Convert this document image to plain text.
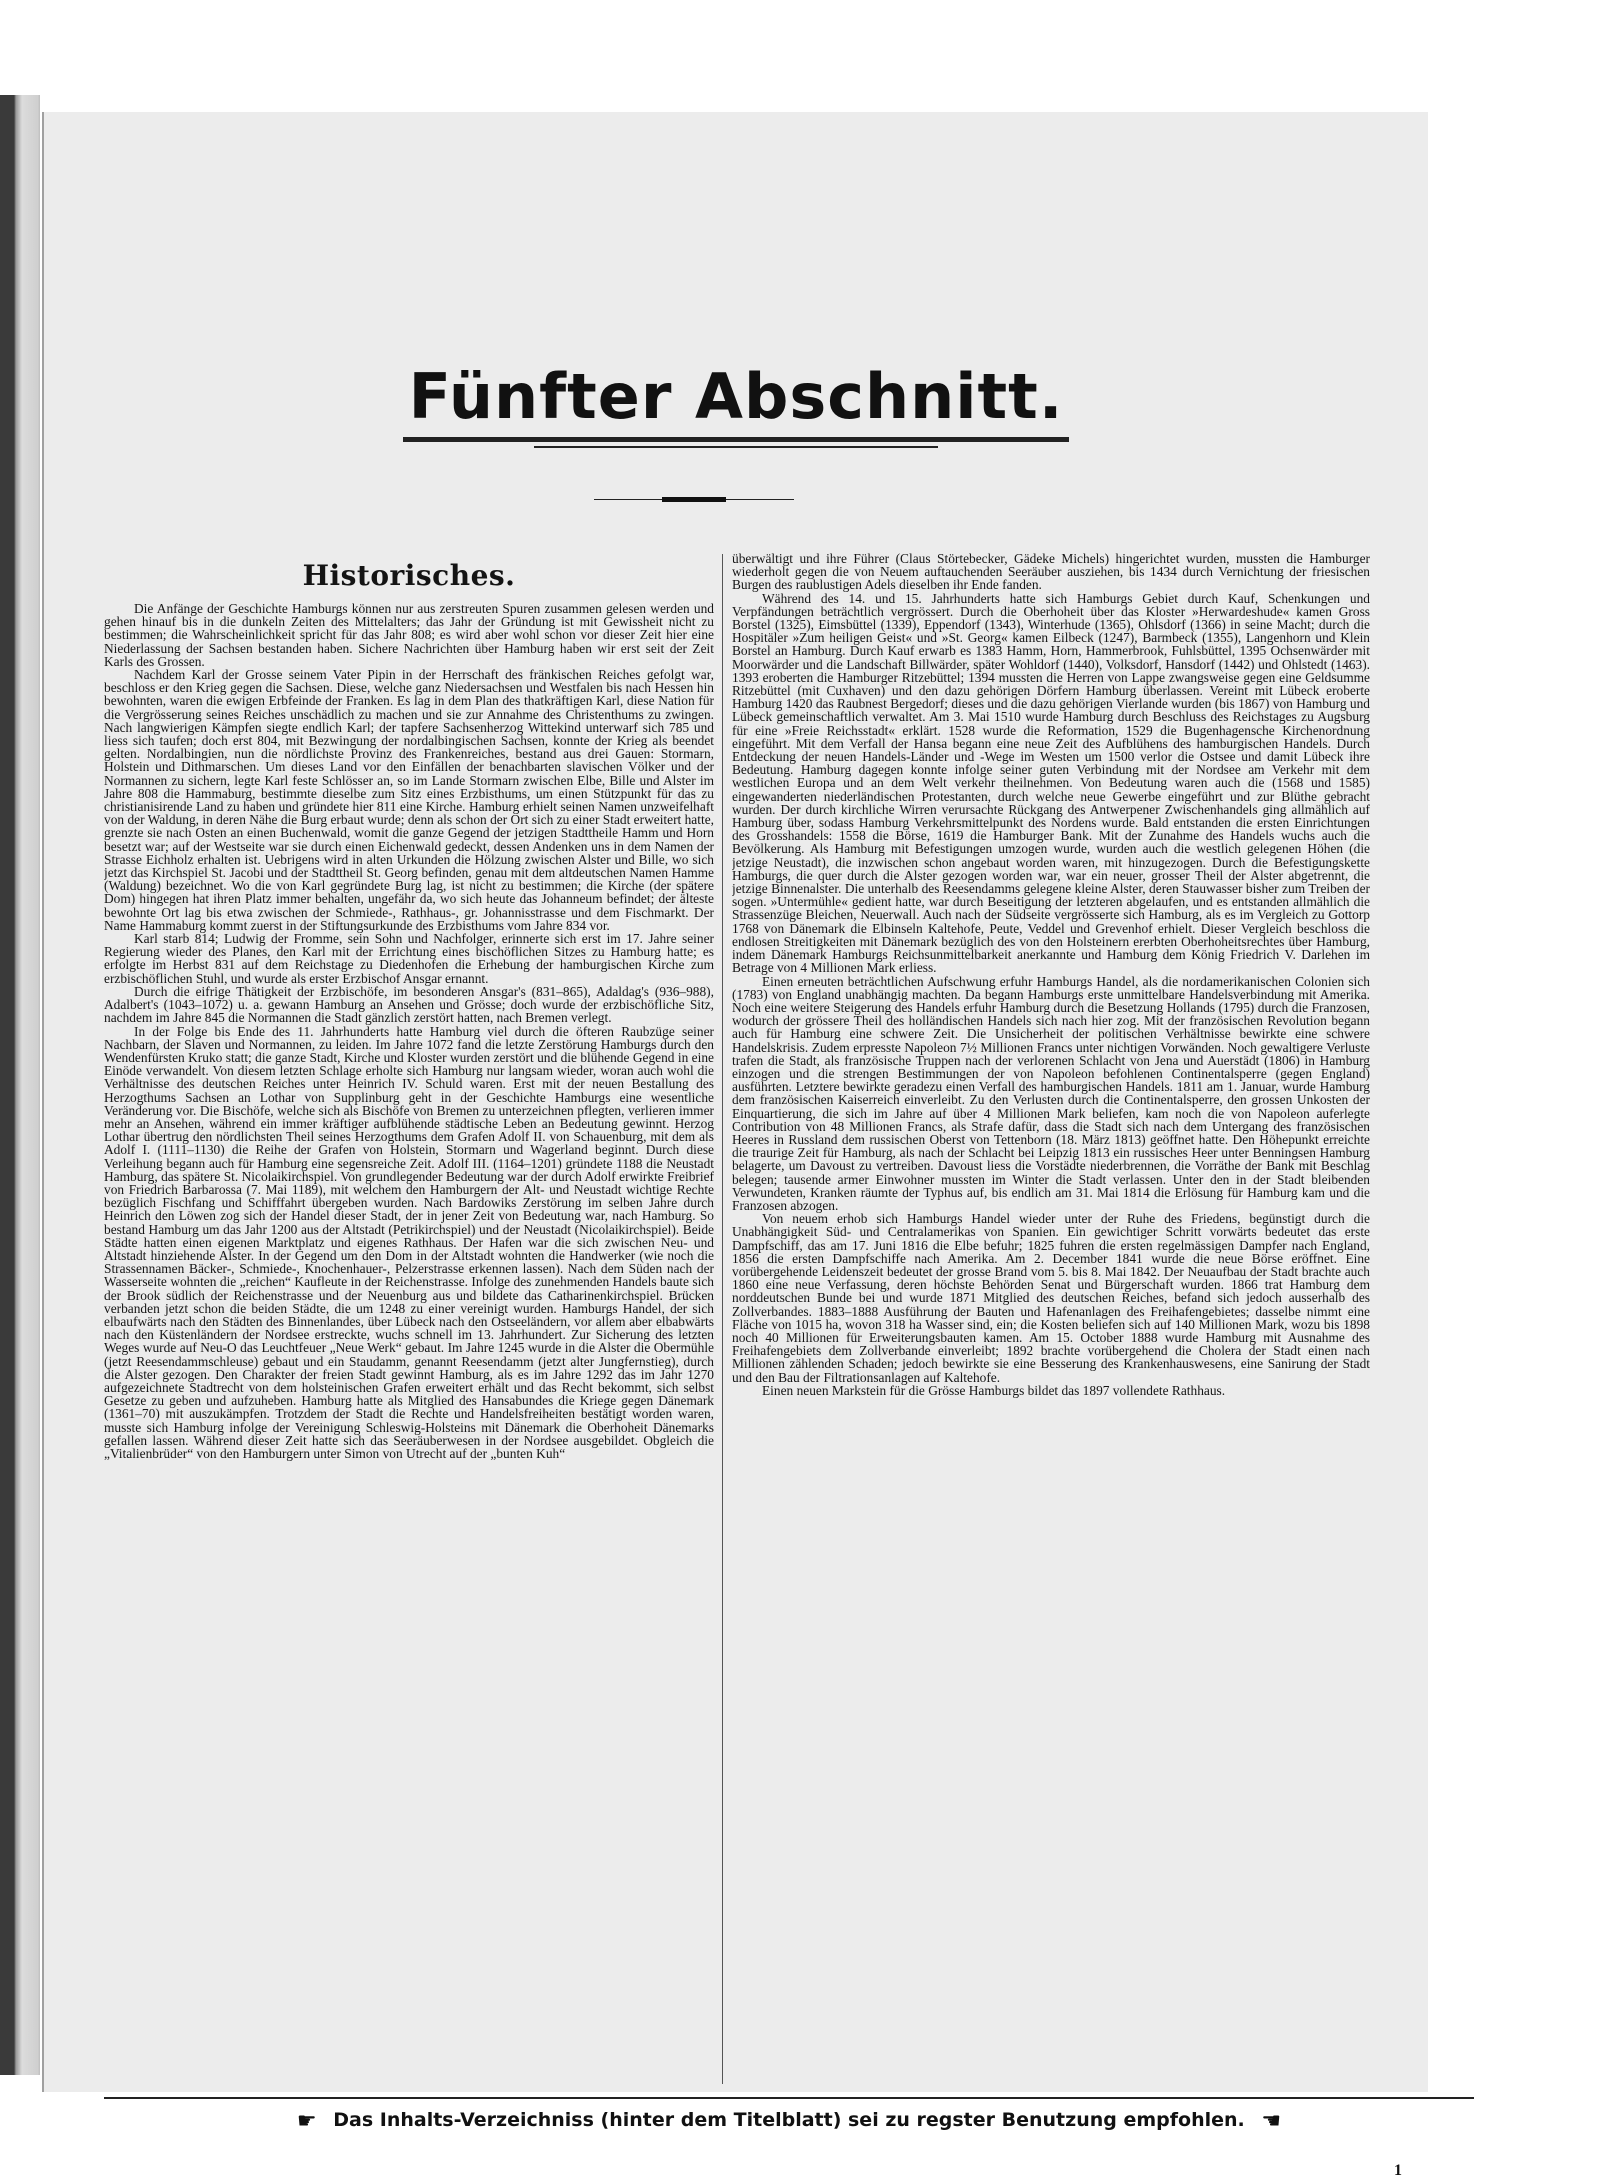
Fünfter Abschnitt.
Historisches.

Die Anfänge der Geschichte Hamburgs können nur aus zerstreuten Spuren zusammen gelesen werden und gehen hinauf bis in die dunkeln Zeiten des Mittelalters; das Jahr der Gründung ist mit Gewissheit nicht zu bestimmen; die Wahrscheinlichkeit spricht für das Jahr 808; es wird aber wohl schon vor dieser Zeit hier eine Niederlassung der Sachsen bestanden haben. Sichere Nachrichten über Hamburg haben wir erst seit der Zeit Karls des Grossen.

Nachdem Karl der Grosse seinem Vater Pipin in der Herrschaft des fränkischen Reiches gefolgt war, beschloss er den Krieg gegen die Sachsen. Diese, welche ganz Niedersachsen und Westfalen bis nach Hessen hin bewohnten, waren die ewigen Erbfeinde der Franken. Es lag in dem Plan des thatkräftigen Karl, diese Nation für die Vergrösserung seines Reiches unschädlich zu machen und sie zur Annahme des Christenthums zu zwingen. Nach langwierigen Kämpfen siegte endlich Karl; der tapfere Sachsenherzog Wittekind unterwarf sich 785 und liess sich taufen; doch erst 804, mit Bezwingung der nordalbingischen Sachsen, konnte der Krieg als beendet gelten. Nordalbingien, nun die nördlichste Provinz des Frankenreiches, bestand aus drei Gauen: Stormarn, Holstein und Dithmarschen. Um dieses Land vor den Einfällen der benachbarten slavischen Völker und der Normannen zu sichern, legte Karl feste Schlösser an, so im Lande Stormarn zwischen Elbe, Bille und Alster im Jahre 808 die Hammaburg, bestimmte dieselbe zum Sitz eines Erzbisthums, um einen Stützpunkt für das zu christianisirende Land zu haben und gründete hier 811 eine Kirche. Hamburg erhielt seinen Namen unzweifelhaft von der Waldung, in deren Nähe die Burg erbaut wurde; denn als schon der Ort sich zu einer Stadt erweitert hatte, grenzte sie nach Osten an einen Buchenwald, womit die ganze Gegend der jetzigen Stadttheile Hamm und Horn besetzt war; auf der Westseite war sie durch einen Eichenwald gedeckt, dessen Andenken uns in dem Namen der Strasse Eichholz erhalten ist. Uebrigens wird in alten Urkunden die Hölzung zwischen Alster und Bille, wo sich jetzt das Kirchspiel St. Jacobi und der Stadttheil St. Georg befinden, genau mit dem altdeutschen Namen Hamme (Waldung) bezeichnet. Wo die von Karl gegründete Burg lag, ist nicht zu bestimmen; die Kirche (der spätere Dom) hingegen hat ihren Platz immer behalten, ungefähr da, wo sich heute das Johanneum befindet; der älteste bewohnte Ort lag bis etwa zwischen der Schmiede-, Rathhaus-, gr. Johannisstrasse und dem Fischmarkt. Der Name Hammaburg kommt zuerst in der Stiftungsurkunde des Erzbisthums vom Jahre 834 vor.

Karl starb 814; Ludwig der Fromme, sein Sohn und Nachfolger, erinnerte sich erst im 17. Jahre seiner Regierung wieder des Planes, den Karl mit der Errichtung eines bischöflichen Sitzes zu Hamburg hatte; es erfolgte im Herbst 831 auf dem Reichstage zu Diedenhofen die Erhebung der hamburgischen Kirche zum erzbischöflichen Stuhl, und wurde als erster Erzbischof Ansgar ernannt.

Durch die eifrige Thätigkeit der Erzbischöfe, im besonderen Ansgar's (831–865), Adaldag's (936–988), Adalbert's (1043–1072) u. a. gewann Hamburg an Ansehen und Grösse; doch wurde der erzbischöfliche Sitz, nachdem im Jahre 845 die Normannen die Stadt gänzlich zerstört hatten, nach Bremen verlegt.

In der Folge bis Ende des 11. Jahrhunderts hatte Hamburg viel durch die öfteren Raubzüge seiner Nachbarn, der Slaven und Normannen, zu leiden. Im Jahre 1072 fand die letzte Zerstörung Hamburgs durch den Wendenfürsten Kruko statt; die ganze Stadt, Kirche und Kloster wurden zerstört und die blühende Gegend in eine Einöde verwandelt. Von diesem letzten Schlage erholte sich Hamburg nur langsam wieder, woran auch wohl die Verhältnisse des deutschen Reiches unter Heinrich IV. Schuld waren. Erst mit der neuen Bestallung des Herzogthums Sachsen an Lothar von Supplinburg geht in der Geschichte Hamburgs eine wesentliche Veränderung vor. Die Bischöfe, welche sich als Bischöfe von Bremen zu unterzeichnen pflegten, verlieren immer mehr an Ansehen, während ein immer kräftiger aufblühende städtische Leben an Bedeutung gewinnt. Herzog Lothar übertrug den nördlichsten Theil seines Herzogthums dem Grafen Adolf II. von Schauenburg, mit dem als Adolf I. (1111–1130) die Reihe der Grafen von Holstein, Stormarn und Wagerland beginnt. Durch diese Verleihung begann auch für Hamburg eine segensreiche Zeit. Adolf III. (1164–1201) gründete 1188 die Neustadt Hamburg, das spätere St. Nicolaikirchspiel. Von grundlegender Bedeutung war der durch Adolf erwirkte Freibrief von Friedrich Barbarossa (7. Mai 1189), mit welchem den Hamburgern der Alt- und Neustadt wichtige Rechte bezüglich Fischfang und Schifffahrt übergeben wurden. Nach Bardowiks Zerstörung im selben Jahre durch Heinrich den Löwen zog sich der Handel dieser Stadt, der in jener Zeit von Bedeutung war, nach Hamburg. So bestand Hamburg um das Jahr 1200 aus der Altstadt (Petrikirchspiel) und der Neustadt (Nicolaikirchspiel). Beide Städte hatten einen eigenen Marktplatz und eigenes Rathhaus. Der Hafen war die sich zwischen Neu- und Altstadt hinziehende Alster. In der Gegend um den Dom in der Altstadt wohnten die Handwerker (wie noch die Strassennamen Bäcker-, Schmiede-, Knochenhauer-, Pelzerstrasse erkennen lassen). Nach dem Süden nach der Wasserseite wohnten die „reichen“ Kaufleute in der Reichenstrasse. Infolge des zunehmenden Handels baute sich der Brook südlich der Reichenstrasse und der Neuenburg aus und bildete das Catharinenkirchspiel. Brücken verbanden jetzt schon die beiden Städte, die um 1248 zu einer vereinigt wurden. Hamburgs Handel, der sich elbaufwärts nach den Städten des Binnenlandes, über Lübeck nach den Ostseeländern, vor allem aber elbabwärts nach den Küstenländern der Nordsee erstreckte, wuchs schnell im 13. Jahrhundert. Zur Sicherung des letzten Weges wurde auf Neu-O das Leuchtfeuer „Neue Werk“ gebaut. Im Jahre 1245 wurde in die Alster die Obermühle (jetzt Reesendammschleuse) gebaut und ein Staudamm, genannt Reesendamm (jetzt alter Jungfernstieg), durch die Alster gezogen. Den Charakter der freien Stadt gewinnt Hamburg, als es im Jahre 1292 das im Jahr 1270 aufgezeichnete Stadtrecht von dem holsteinischen Grafen erweitert erhält und das Recht bekommt, sich selbst Gesetze zu geben und aufzuheben. Hamburg hatte als Mitglied des Hansabundes die Kriege gegen Dänemark (1361–70) mit auszukämpfen. Trotzdem der Stadt die Rechte und Handelsfreiheiten bestätigt worden waren, musste sich Hamburg infolge der Vereinigung Schleswig-Holsteins mit Dänemark die Oberhoheit Dänemarks gefallen lassen. Während dieser Zeit hatte sich das Seeräuberwesen in der Nordsee ausgebildet. Obgleich die „Vitalienbrüder“ von den Hamburgern unter Simon von Utrecht auf der „bunten Kuh“

überwältigt und ihre Führer (Claus Störtebecker, Gädeke Michels) hingerichtet wurden, mussten die Hamburger wiederholt gegen die von Neuem auftauchenden Seeräuber ausziehen, bis 1434 durch Vernichtung der friesischen Burgen des raublustigen Adels dieselben ihr Ende fanden.

Während des 14. und 15. Jahrhunderts hatte sich Hamburgs Gebiet durch Kauf, Schenkungen und Verpfändungen beträchtlich vergrössert. Durch die Oberhoheit über das Kloster »Herwardeshude« kamen Gross Borstel (1325), Eimsbüttel (1339), Eppendorf (1343), Winterhude (1365), Ohlsdorf (1366) in seine Macht; durch die Hospitäler »Zum heiligen Geist« und »St. Georg« kamen Eilbeck (1247), Barmbeck (1355), Langenhorn und Klein Borstel an Hamburg. Durch Kauf erwarb es 1383 Hamm, Horn, Hammerbrook, Fuhlsbüttel, 1395 Ochsenwärder mit Moorwärder und die Landschaft Billwärder, später Wohldorf (1440), Volksdorf, Hansdorf (1442) und Ohlstedt (1463). 1393 eroberten die Hamburger Ritzebüttel; 1394 mussten die Herren von Lappe zwangsweise gegen eine Geldsumme Ritzebüttel (mit Cuxhaven) und den dazu gehörigen Dörfern Hamburg überlassen. Vereint mit Lübeck eroberte Hamburg 1420 das Raubnest Bergedorf; dieses und die dazu gehörigen Vierlande wurden (bis 1867) von Hamburg und Lübeck gemeinschaftlich verwaltet. Am 3. Mai 1510 wurde Hamburg durch Beschluss des Reichstages zu Augsburg für eine »Freie Reichsstadt« erklärt. 1528 wurde die Reformation, 1529 die Bugenhagensche Kirchenordnung eingeführt. Mit dem Verfall der Hansa begann eine neue Zeit des Aufblühens des hamburgischen Handels. Durch Entdeckung der neuen Handels-Länder und -Wege im Westen um 1500 verlor die Ostsee und damit Lübeck ihre Bedeutung. Hamburg dagegen konnte infolge seiner guten Verbindung mit der Nordsee am Verkehr mit dem westlichen Europa und an dem Welt verkehr theilnehmen. Von Bedeutung waren auch die (1568 und 1585) eingewanderten niederländischen Protestanten, durch welche neue Gewerbe eingeführt und zur Blüthe gebracht wurden. Der durch kirchliche Wirren verursachte Rückgang des Antwerpener Zwischenhandels ging allmählich auf Hamburg über, sodass Hamburg Verkehrsmittelpunkt des Nordens wurde. Bald entstanden die ersten Einrichtungen des Grosshandels: 1558 die Börse, 1619 die Hamburger Bank. Mit der Zunahme des Handels wuchs auch die Bevölkerung. Als Hamburg mit Befestigungen umzogen wurde, wurden auch die westlich gelegenen Höhen (die jetzige Neustadt), die inzwischen schon angebaut worden waren, mit hinzugezogen. Durch die Befestigungskette Hamburgs, die quer durch die Alster gezogen worden war, war ein neuer, grosser Theil der Alster abgetrennt, die jetzige Binnenalster. Die unterhalb des Reesendamms gelegene kleine Alster, deren Stauwasser bisher zum Treiben der sogen. »Untermühle« gedient hatte, war durch Beseitigung der letzteren abgelaufen, und es entstanden allmählich die Strassenzüge Bleichen, Neuerwall. Auch nach der Südseite vergrösserte sich Hamburg, als es im Vergleich zu Gottorp 1768 von Dänemark die Elbinseln Kaltehofe, Peute, Veddel und Grevenhof erhielt. Dieser Vergleich beschloss die endlosen Streitigkeiten mit Dänemark bezüglich des von den Holsteinern ererbten Oberhoheitsrechtes über Hamburg, indem Dänemark Hamburgs Reichsunmittelbarkeit anerkannte und Hamburg dem König Friedrich V. Darlehen im Betrage von 4 Millionen Mark erliess.

Einen erneuten beträchtlichen Aufschwung erfuhr Hamburgs Handel, als die nordamerikanischen Colonien sich (1783) von England unabhängig machten. Da begann Hamburgs erste unmittelbare Handelsverbindung mit Amerika. Noch eine weitere Steigerung des Handels erfuhr Hamburg durch die Besetzung Hollands (1795) durch die Franzosen, wodurch der grössere Theil des holländischen Handels sich nach hier zog. Mit der französischen Revolution begann auch für Hamburg eine schwere Zeit. Die Unsicherheit der politischen Verhältnisse bewirkte eine schwere Handelskrisis. Zudem erpresste Napoleon 7½ Millionen Francs unter nichtigen Vorwänden. Noch gewaltigere Verluste trafen die Stadt, als französische Truppen nach der verlorenen Schlacht von Jena und Auerstädt (1806) in Hamburg einzogen und die strengen Bestimmungen der von Napoleon befohlenen Continentalsperre (gegen England) ausführten. Letztere bewirkte geradezu einen Verfall des hamburgischen Handels. 1811 am 1. Januar, wurde Hamburg dem französischen Kaiserreich einverleibt. Zu den Verlusten durch die Continentalsperre, den grossen Unkosten der Einquartierung, die sich im Jahre auf über 4 Millionen Mark beliefen, kam noch die von Napoleon auferlegte Contribution von 48 Millionen Francs, als Strafe dafür, dass die Stadt sich nach dem Untergang des französischen Heeres in Russland dem russischen Oberst von Tettenborn (18. März 1813) geöffnet hatte. Den Höhepunkt erreichte die traurige Zeit für Hamburg, als nach der Schlacht bei Leipzig 1813 ein russisches Heer unter Benningsen Hamburg belagerte, um Davoust zu vertreiben. Davoust liess die Vorstädte niederbrennen, die Vorräthe der Bank mit Beschlag belegen; tausende armer Einwohner mussten im Winter die Stadt verlassen. Unter den in der Stadt bleibenden Verwundeten, Kranken räumte der Typhus auf, bis endlich am 31. Mai 1814 die Erlösung für Hamburg kam und die Franzosen abzogen.

Von neuem erhob sich Hamburgs Handel wieder unter der Ruhe des Friedens, begünstigt durch die Unabhängigkeit Süd- und Centralamerikas von Spanien. Ein gewichtiger Schritt vorwärts bedeutet das erste Dampfschiff, das am 17. Juni 1816 die Elbe befuhr; 1825 fuhren die ersten regelmässigen Dampfer nach England, 1856 die ersten Dampfschiffe nach Amerika. Am 2. December 1841 wurde die neue Börse eröffnet. Eine vorübergehende Leidenszeit bedeutet der grosse Brand vom 5. bis 8. Mai 1842. Der Neuaufbau der Stadt brachte auch 1860 eine neue Verfassung, deren höchste Behörden Senat und Bürgerschaft wurden. 1866 trat Hamburg dem norddeutschen Bunde bei und wurde 1871 Mitglied des deutschen Reiches, befand sich jedoch ausserhalb des Zollverbandes. 1883–1888 Ausführung der Bauten und Hafenanlagen des Freihafengebietes; dasselbe nimmt eine Fläche von 1015 ha, wovon 318 ha Wasser sind, ein; die Kosten beliefen sich auf 140 Millionen Mark, wozu bis 1898 noch 40 Millionen für Erweiterungsbauten kamen. Am 15. October 1888 wurde Hamburg mit Ausnahme des Freihafengebiets dem Zollverbande einverleibt; 1892 brachte vorübergehend die Cholera der Stadt einen nach Millionen zählenden Schaden; jedoch bewirkte sie eine Besserung des Krankenhauswesens, eine Sanirung der Stadt und den Bau der Filtrationsanlagen auf Kaltehofe.

Einen neuen Markstein für die Grösse Hamburgs bildet das 1897 vollendete Rathhaus.

☛ Das Inhalts-Verzeichniss (hinter dem Titelblatt) sei zu regster Benutzung empfohlen. ☚
1
